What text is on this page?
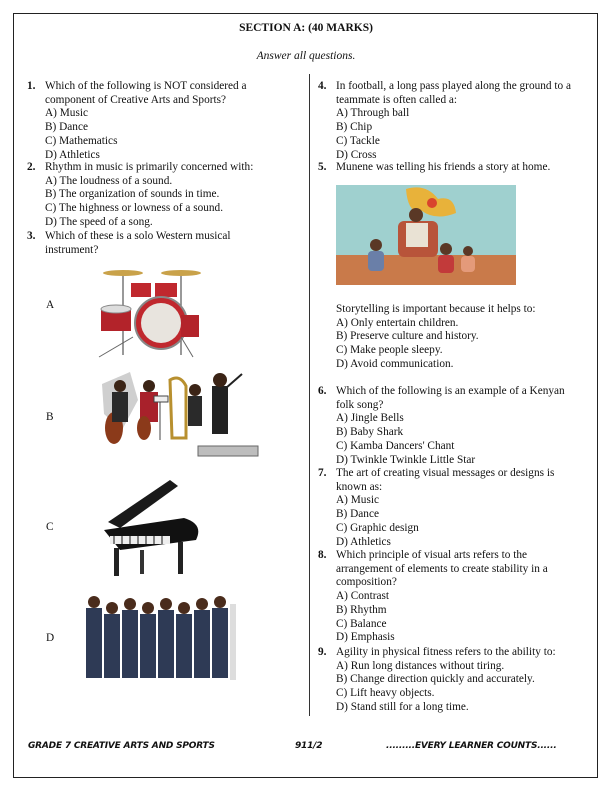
SECTION A: (40 MARKS)
Answer all questions.
1. Which of the following is NOT considered a
component of Creative Arts and Sports?
A) Music
B) Dance
C) Mathematics
D) Athletics
2. Rhythm in music is primarily concerned with:
A) The loudness of a sound.
B) The organization of sounds in time.
C) The highness or lowness of a sound.
D) The speed of a song.
3. Which of these is a solo Western musical
instrument?
A
B
C
D
4. In football, a long pass played along the ground to a
teammate is often called a:
A) Through ball
B) Chip
C) Tackle
D) Cross
5. Munene was telling his friends a story at home.
Storytelling is important because it helps to:
A) Only entertain children.
B) Preserve culture and history.
C) Make people sleepy.
D) Avoid communication.
6. Which of the following is an example of a Kenyan
folk song?
A) Jingle Bells
B) Baby Shark
C) Kamba Dancers' Chant
D) Twinkle Twinkle Little Star
7. The art of creating visual messages or designs is
known as:
A) Music
B) Dance
C) Graphic design
D) Athletics
8. Which principle of visual arts refers to the
arrangement of elements to create stability in a
composition?
A) Contrast
B) Rhythm
C) Balance
D) Emphasis
9. Agility in physical fitness refers to the ability to:
A) Run long distances without tiring.
B) Change direction quickly and accurately.
C) Lift heavy objects.
D) Stand still for a long time.
GRADE 7 CREATIVE ARTS AND SPORTS	911/2	.........EVERY LEARNER COUNTS......
